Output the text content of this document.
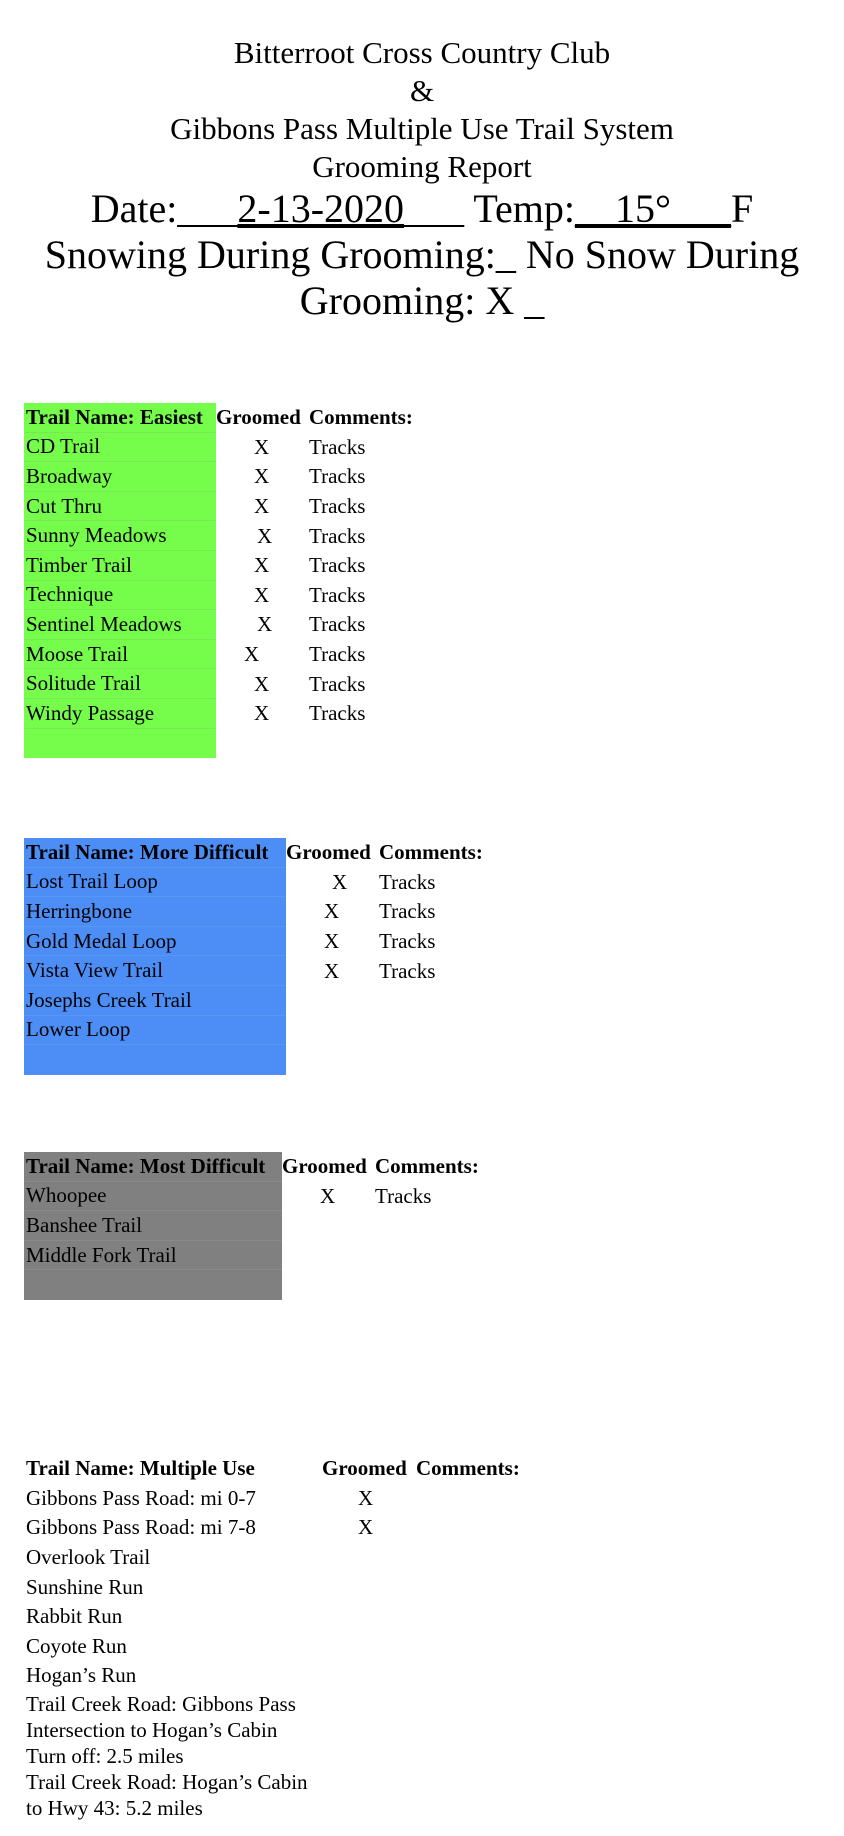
Bitterroot Cross Country Club
&
Gibbons Pass Multiple Use Trail System
Grooming Report
Date:___2-13-2020___ Temp:__15°___F
Snowing During Grooming:_ No Snow During
Grooming: X _
Trail Name: Easiest Groomed Comments:
CD Trail	X	Tracks
Broadway	X	Tracks
Cut Thru	X	Tracks
Sunny Meadows	X	Tracks
Timber Trail	X	Tracks
Technique	X	Tracks
Sentinel Meadows	X	Tracks
Moose Trail	X	Tracks
Solitude Trail	X	Tracks
Windy Passage	X	Tracks
Trail Name: More Difficult Groomed Comments:
Lost Trail Loop	X	Tracks
Herringbone	X	Tracks
Gold Medal Loop	X	Tracks
Vista View Trail	X	Tracks
Josephs Creek Trail
Lower Loop
Trail Name: Most Difficult Groomed Comments:
Whoopee	X	Tracks
Banshee Trail
Middle Fork Trail
Trail Name: Multiple Use	Groomed Comments:
Gibbons Pass Road: mi 0-7	X
Gibbons Pass Road: mi 7-8	X
Overlook Trail
Sunshine Run
Rabbit Run
Coyote Run
Hogan’s Run
Trail Creek Road: Gibbons Pass Intersection to Hogan’s Cabin Turn off: 2.5 miles
Trail Creek Road: Hogan’s Cabin to Hwy 43: 5.2 miles
